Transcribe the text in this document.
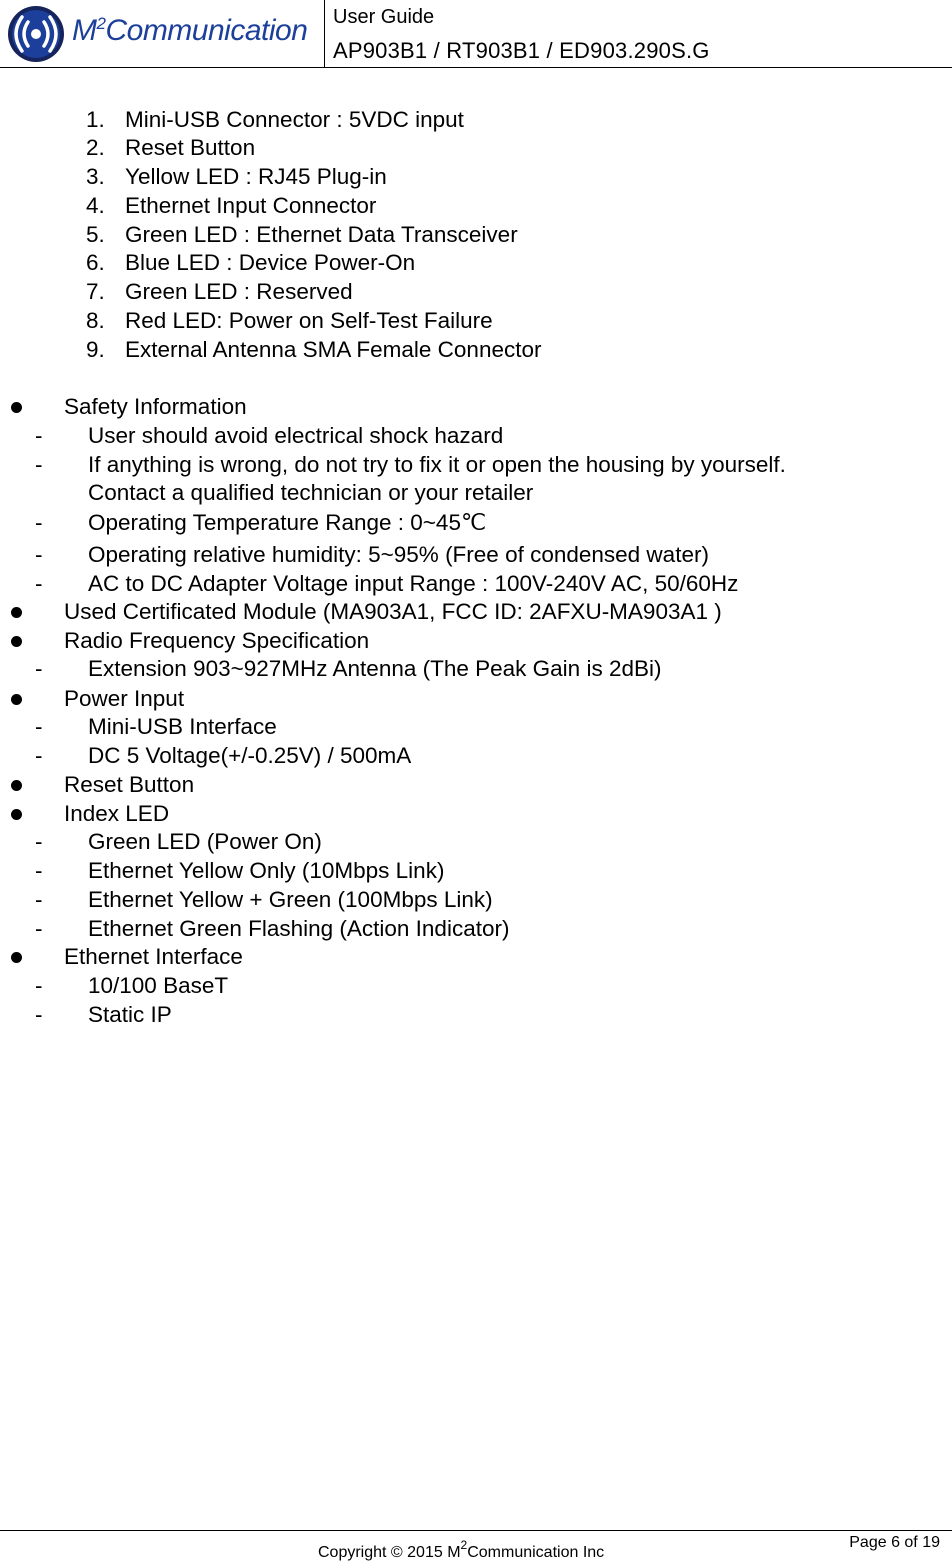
$M^2Communication$ User Guide
AP903B1 / RT903B1 / ED903.290S.G
1. Mini-USB Connector : 5VDC input
2. Reset Button
3. Yellow LED : RJ45 Plug-in
4. Ethernet Input Connector
5. Green LED : Ethernet Data Transceiver
6. Blue LED : Device Power-On
7. Green LED : Reserved
8. Red LED: Power on Self-Test Failure
9. External Antenna SMA Female Connector
Safety Information
- User should avoid electrical shock hazard
- If anything is wrong, do not try to fix it or open the housing by yourself.
Contact a qualified technician or your retailer
- Operating Temperature Range : 0~45℃
- Operating relative humidity: 5~95% (Free of condensed water)
- AC to DC Adapter Voltage input Range : 100V-240V AC, 50/60Hz
Used Certificated Module (MA903A1, FCC ID: 2AFXU-MA903A1 )
Radio Frequency Specification
- Extension 903~927MHz Antenna (The Peak Gain is 2dBi)
Power Input
- Mini-USB Interface
- DC 5 Voltage(+/-0.25V) / 500mA
Reset Button
Index LED
- Green LED (Power On)
- Ethernet Yellow Only (10Mbps Link)
- Ethernet Yellow + Green (100Mbps Link)
- Ethernet Green Flashing (Action Indicator)
Ethernet Interface
- 10/100 BaseT
- Static IP
Copyright © 2015 $M^2Communication$ Inc
Page 6 of 19
